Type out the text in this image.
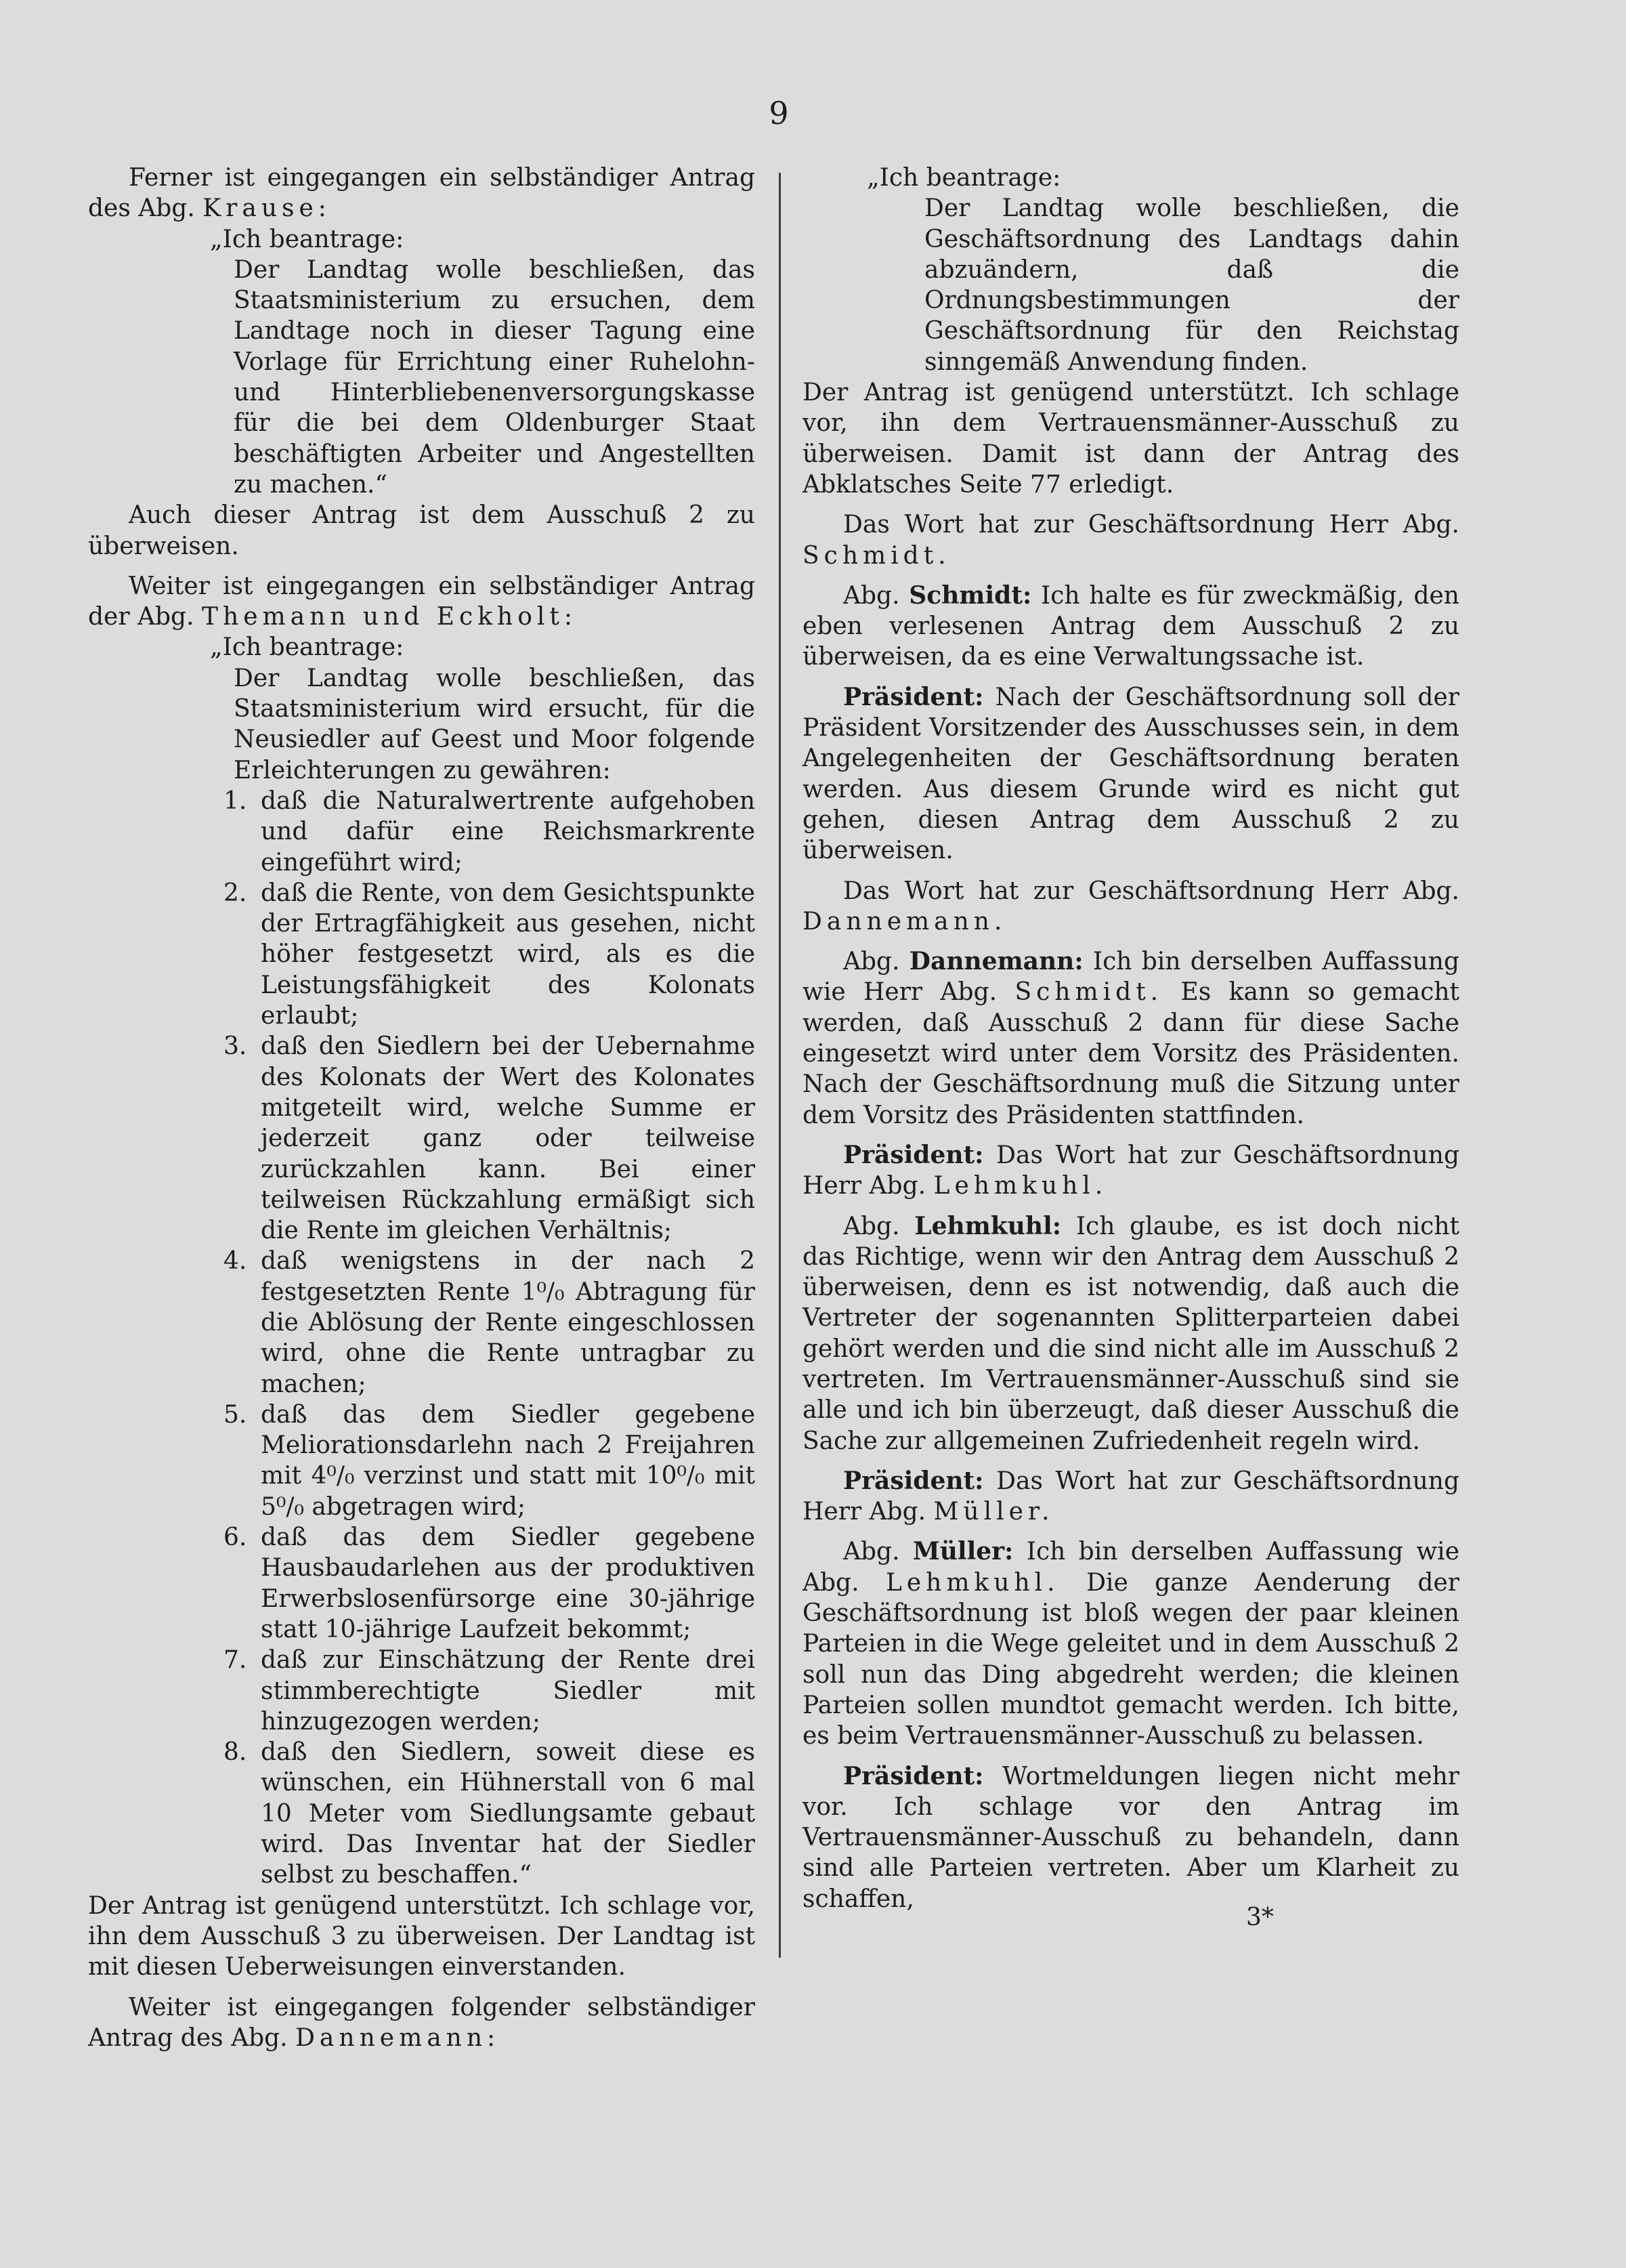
9

Ferner ist eingegangen ein selbständiger Antrag des Abg. Krause:

„Ich beantrage:

Der Landtag wolle beschließen, das Staatsministerium zu ersuchen, dem Landtage noch in dieser Tagung eine Vorlage für Errichtung einer Ruhelohn- und Hinterbliebenenversorgungskasse für die bei dem Oldenburger Staat beschäftigten Arbeiter und Angestellten zu machen.“

Auch dieser Antrag ist dem Ausschuß 2 zu überweisen.

Weiter ist eingegangen ein selbständiger Antrag der Abg. Themann und Eckholt:

„Ich beantrage:

Der Landtag wolle beschließen, das Staatsministerium wird ersucht, für die Neusiedler auf Geest und Moor folgende Erleichterungen zu gewähren:

1. daß die Naturalwertrente aufgehoben und dafür eine Reichsmarkrente eingeführt wird;
2. daß die Rente, von dem Gesichtspunkte der Ertragfähigkeit aus gesehen, nicht höher festgesetzt wird, als es die Leistungsfähigkeit des Kolonats erlaubt;
3. daß den Siedlern bei der Uebernahme des Kolonats der Wert des Kolonates mitgeteilt wird, welche Summe er jederzeit ganz oder teilweise zurückzahlen kann. Bei einer teilweisen Rückzahlung ermäßigt sich die Rente im gleichen Verhältnis;
4. daß wenigstens in der nach 2 festgesetzten Rente 1⁰/₀ Abtragung für die Ablösung der Rente eingeschlossen wird, ohne die Rente untragbar zu machen;
5. daß das dem Siedler gegebene Meliorationsdarlehn nach 2 Freijahren mit 4⁰/₀ verzinst und statt mit 10⁰/₀ mit 5⁰/₀ abgetragen wird;
6. daß das dem Siedler gegebene Hausbaudarlehen aus der produktiven Erwerbslosenfürsorge eine 30-jährige statt 10-jährige Laufzeit bekommt;
7. daß zur Einschätzung der Rente drei stimmberechtigte Siedler mit hinzugezogen werden;
8. daß den Siedlern, soweit diese es wünschen, ein Hühnerstall von 6 mal 10 Meter vom Siedlungsamte gebaut wird. Das Inventar hat der Siedler selbst zu beschaffen.“

Der Antrag ist genügend unterstützt. Ich schlage vor, ihn dem Ausschuß 3 zu überweisen. Der Landtag ist mit diesen Ueberweisungen einverstanden.

Weiter ist eingegangen folgender selbständiger Antrag des Abg. Dannemann:

„Ich beantrage:

Der Landtag wolle beschließen, die Geschäftsordnung des Landtags dahin abzuändern, daß die Ordnungsbestimmungen der Geschäftsordnung für den Reichstag sinngemäß Anwendung finden.

Der Antrag ist genügend unterstützt. Ich schlage vor, ihn dem Vertrauensmänner-Ausschuß zu überweisen. Damit ist dann der Antrag des Abklatsches Seite 77 erledigt.

Das Wort hat zur Geschäftsordnung Herr Abg. Schmidt.

Abg. Schmidt: Ich halte es für zweckmäßig, den eben verlesenen Antrag dem Ausschuß 2 zu überweisen, da es eine Verwaltungssache ist.

Präsident: Nach der Geschäftsordnung soll der Präsident Vorsitzender des Ausschusses sein, in dem Angelegenheiten der Geschäftsordnung beraten werden. Aus diesem Grunde wird es nicht gut gehen, diesen Antrag dem Ausschuß 2 zu überweisen.

Das Wort hat zur Geschäftsordnung Herr Abg. Dannemann.

Abg. Dannemann: Ich bin derselben Auffassung wie Herr Abg. Schmidt. Es kann so gemacht werden, daß Ausschuß 2 dann für diese Sache eingesetzt wird unter dem Vorsitz des Präsidenten. Nach der Geschäftsordnung muß die Sitzung unter dem Vorsitz des Präsidenten stattfinden.

Präsident: Das Wort hat zur Geschäftsordnung Herr Abg. Lehmkuhl.

Abg. Lehmkuhl: Ich glaube, es ist doch nicht das Richtige, wenn wir den Antrag dem Ausschuß 2 überweisen, denn es ist notwendig, daß auch die Vertreter der sogenannten Splitterparteien dabei gehört werden und die sind nicht alle im Ausschuß 2 vertreten. Im Vertrauensmänner-Ausschuß sind sie alle und ich bin überzeugt, daß dieser Ausschuß die Sache zur allgemeinen Zufriedenheit regeln wird.

Präsident: Das Wort hat zur Geschäftsordnung Herr Abg. Müller.

Abg. Müller: Ich bin derselben Auffassung wie Abg. Lehmkuhl. Die ganze Aenderung der Geschäftsordnung ist bloß wegen der paar kleinen Parteien in die Wege geleitet und in dem Ausschuß 2 soll nun das Ding abgedreht werden; die kleinen Parteien sollen mundtot gemacht werden. Ich bitte, es beim Vertrauensmänner-Ausschuß zu belassen.

Präsident: Wortmeldungen liegen nicht mehr vor. Ich schlage vor den Antrag im Vertrauensmänner-Ausschuß zu behandeln, dann sind alle Parteien vertreten. Aber um Klarheit zu schaffen,

3*
